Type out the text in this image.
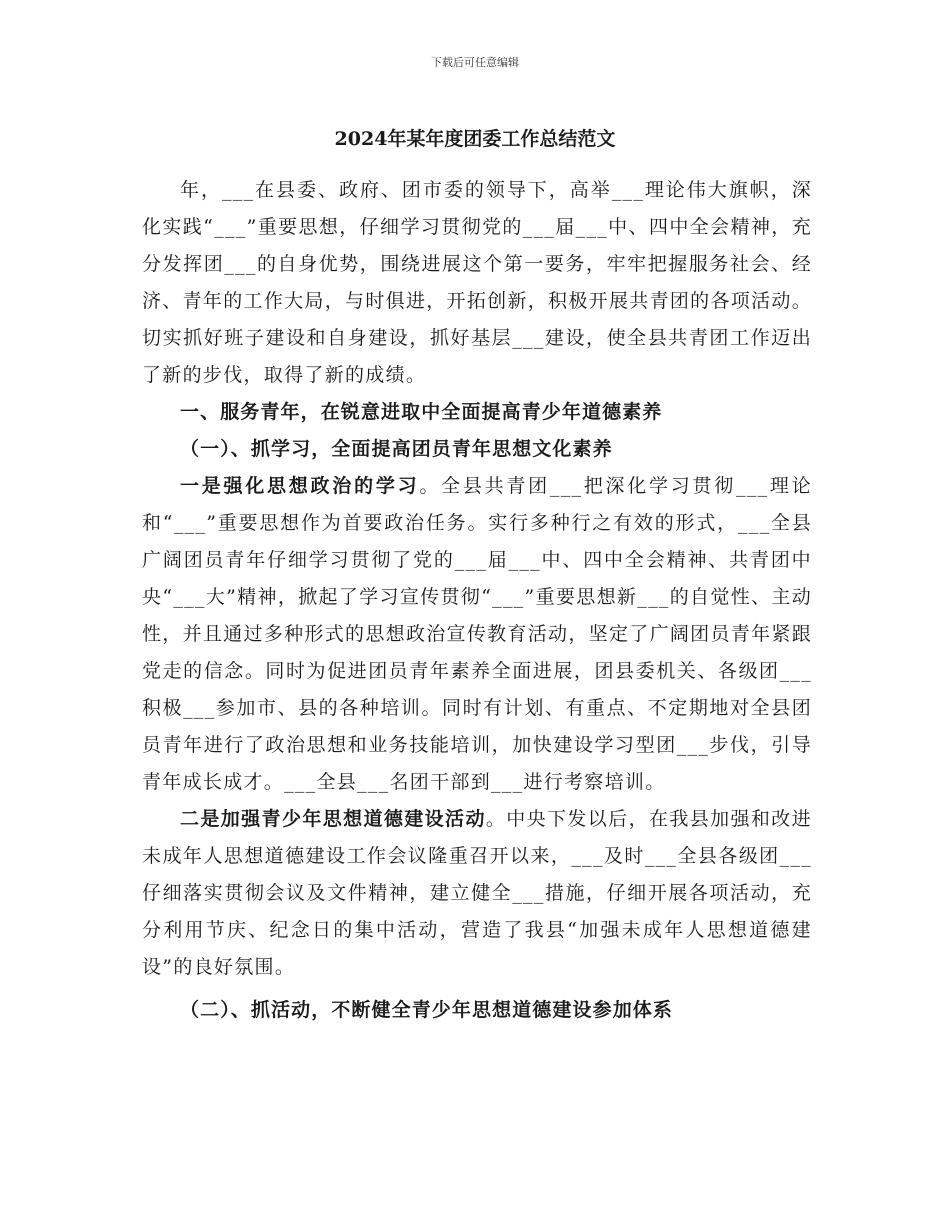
下载后可任意编辑
2024年某年度团委工作总结范文

年，___在县委、政府、团市委的领导下，高举___理论伟大旗帜，深化实践“___”重要思想，仔细学习贯彻党的___届___中、四中全会精神，充分发挥团___的自身优势，围绕进展这个第一要务，牢牢把握服务社会、经济、青年的工作大局，与时俱进，开拓创新，积极开展共青团的各项活动。切实抓好班子建设和自身建设，抓好基层___建设，使全县共青团工作迈出了新的步伐，取得了新的成绩。

一、服务青年，在锐意进取中全面提高青少年道德素养

（一）、抓学习，全面提高团员青年思想文化素养

一是强化思想政治的学习。全县共青团___把深化学习贯彻___理论和“___”重要思想作为首要政治任务。实行多种行之有效的形式，___全县广阔团员青年仔细学习贯彻了党的___届___中、四中全会精神、共青团中央“___大”精神，掀起了学习宣传贯彻“___”重要思想新___的自觉性、主动性，并且通过多种形式的思想政治宣传教育活动，坚定了广阔团员青年紧跟党走的信念。同时为促进团员青年素养全面进展，团县委机关、各级团___积极___参加市、县的各种培训。同时有计划、有重点、不定期地对全县团员青年进行了政治思想和业务技能培训，加快建设学习型团___步伐，引导青年成长成才。___全县___名团干部到___进行考察培训。

二是加强青少年思想道德建设活动。中央下发以后，在我县加强和改进未成年人思想道德建设工作会议隆重召开以来，___及时___全县各级团___仔细落实贯彻会议及文件精神，建立健全___措施，仔细开展各项活动，充分利用节庆、纪念日的集中活动，营造了我县“加强未成年人思想道德建设”的良好氛围。

（二）、抓活动，不断健全青少年思想道德建设参加体系
